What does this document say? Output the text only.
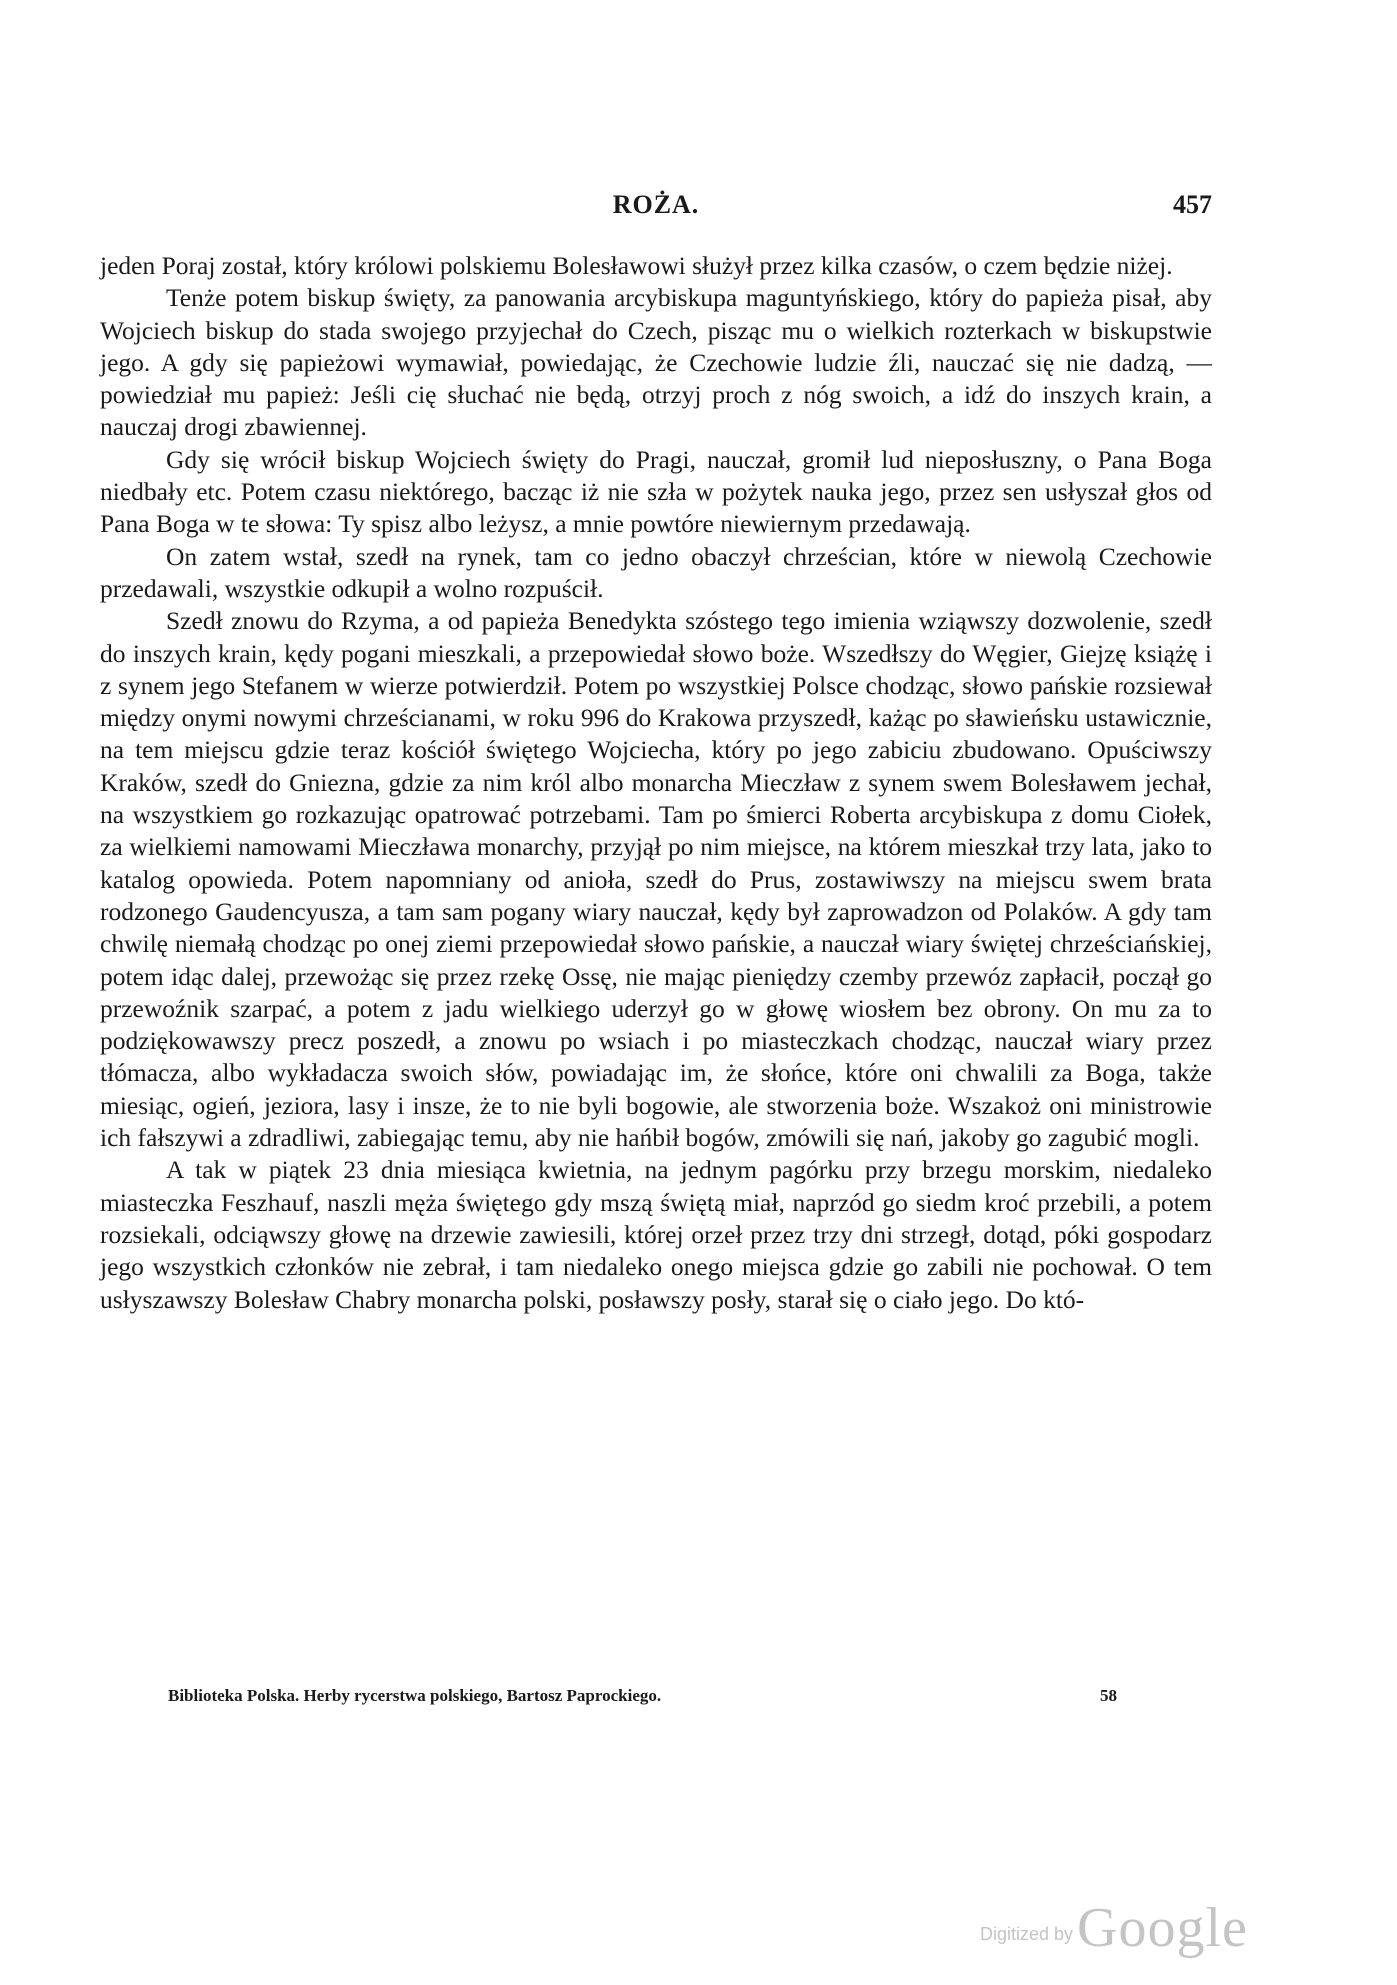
ROŻA.	457

jeden Poraj został, który królowi polskiemu Bolesławowi służył przez kilka czasów, o czem będzie niżej.

Tenże potem biskup święty, za panowania arcybiskupa maguntyńskiego, który do papieża pisał, aby Wojciech biskup do stada swojego przyjechał do Czech, pisząc mu o wielkich rozterkach w biskupstwie jego. A gdy się papieżowi wymawiał, powiedając, że Czechowie ludzie źli, nauczać się nie dadzą, — powiedział mu papież: Jeśli cię słuchać nie będą, otrzyj proch z nóg swoich, a idź do inszych krain, a nauczaj drogi zbawiennej.

Gdy się wrócił biskup Wojciech święty do Pragi, nauczał, gromił lud nieposłuszny, o Pana Boga niedbały etc. Potem czasu niektórego, bacząc iż nie szła w pożytek nauka jego, przez sen usłyszał głos od Pana Boga w te słowa: Ty spisz albo leżysz, a mnie powtóre niewiernym przedawają.

On zatem wstał, szedł na rynek, tam co jedno obaczył chrześcian, które w niewolą Czechowie przedawali, wszystkie odkupił a wolno rozpuścił.

Szedł znowu do Rzyma, a od papieża Benedykta szóstego tego imienia wziąwszy dozwolenie, szedł do inszych krain, kędy pogani mieszkali, a przepowiedał słowo boże. Wszedłszy do Węgier, Giejzę książę i z synem jego Stefanem w wierze potwierdził. Potem po wszystkiej Polsce chodząc, słowo pańskie rozsiewał między onymi nowymi chrześcianami, w roku 996 do Krakowa przyszedł, każąc po sławieńsku ustawicznie, na tem miejscu gdzie teraz kościół świętego Wojciecha, który po jego zabiciu zbudowano. Opuściwszy Kraków, szedł do Gniezna, gdzie za nim król albo monarcha Mieczław z synem swem Bolesławem jechał, na wszystkiem go rozkazując opatrować potrzebami. Tam po śmierci Roberta arcybiskupa z domu Ciołek, za wielkiemi namowami Mieczława monarchy, przyjął po nim miejsce, na którem mieszkał trzy lata, jako to katalog opowieda. Potem napomniany od anioła, szedł do Prus, zostawiwszy na miejscu swem brata rodzonego Gaudencyusza, a tam sam pogany wiary nauczał, kędy był zaprowadzon od Polaków. A gdy tam chwilę niemałą chodząc po onej ziemi przepowiedał słowo pańskie, a nauczał wiary świętej chrześciańskiej, potem idąc dalej, przewożąc się przez rzekę Ossę, nie mając pieniędzy czemby przewóz zapłacił, począł go przewoźnik szarpać, a potem z jadu wielkiego uderzył go w głowę wiosłem bez obrony. On mu za to podziękowawszy precz poszedł, a znowu po wsiach i po miasteczkach chodząc, nauczał wiary przez tłómacza, albo wykładacza swoich słów, powiadając im, że słońce, które oni chwalili za Boga, także miesiąc, ogień, jeziora, lasy i insze, że to nie byli bogowie, ale stworzenia boże. Wszakoż oni ministrowie ich fałszywi a zdradliwi, zabiegając temu, aby nie hańbił bogów, zmówili się nań, jakoby go zagubić mogli.

A tak w piątek 23 dnia miesiąca kwietnia, na jednym pagórku przy brzegu morskim, niedaleko miasteczka Feszhauf, naszli męża świętego gdy mszą świętą miał, naprzód go siedm kroć przebili, a potem rozsiekali, odciąwszy głowę na drzewie zawiesili, której orzeł przez trzy dni strzegł, dotąd, póki gospodarz jego wszystkich członków nie zebrał, i tam niedaleko onego miejsca gdzie go zabili nie pochował. O tem usłyszawszy Bolesław Chabry monarcha polski, posławszy posły, starał się o ciało jego. Do któ-

Biblioteka Polska. Herby rycerstwa polskiego, Bartosz Paprockiego.	58
Digitized by Google
